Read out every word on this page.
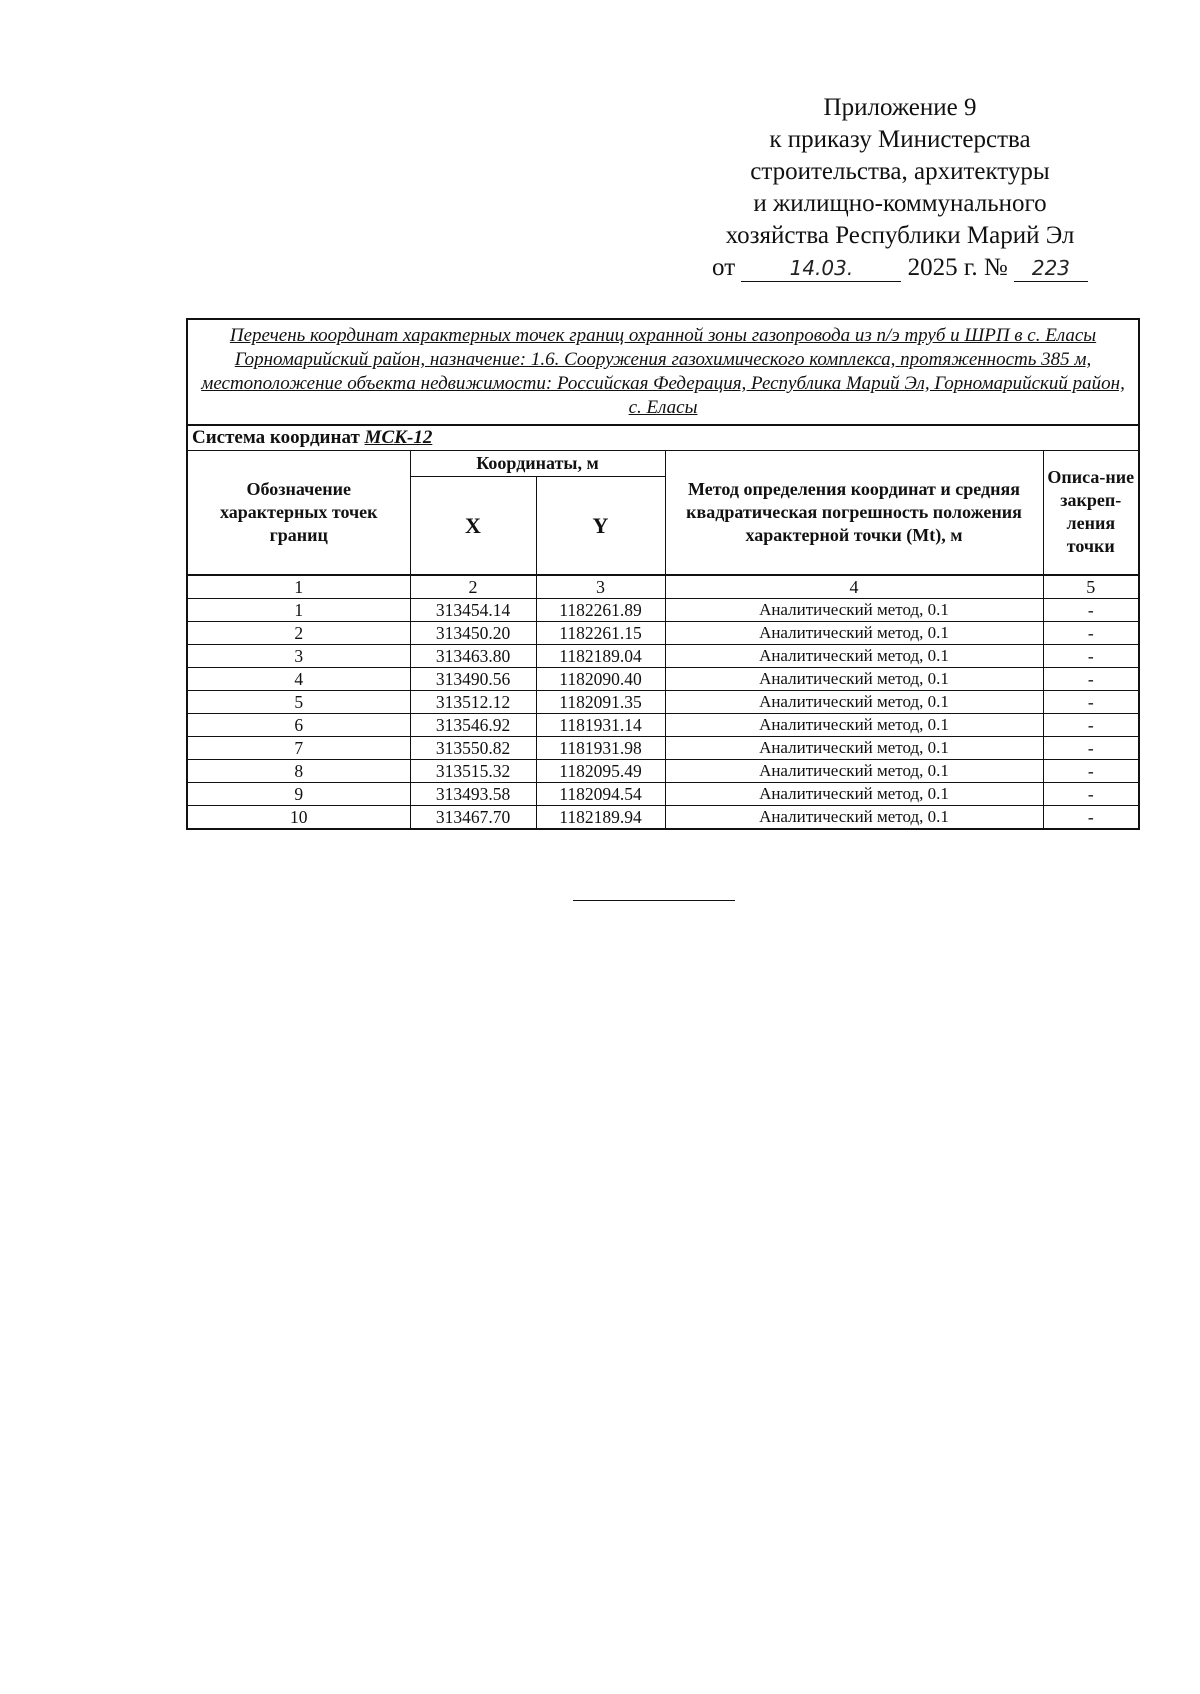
Приложение 9
к приказу Министерства
строительства, архитектуры
и жилищно-коммунального
хозяйства Республики Марий Эл
от	14.03. 2025 г. № 223
Перечень координат характерных точек границ охранной зоны газопровода из п/э труб и ШРП в с. Еласы Горномарийский район, назначение: 1.6. Сооружения газохимического комплекса, протяженность 385 м, местоположение объекта недвижимости: Российская Федерация, Республика Марий Эл, Горномарийский район, с. Еласы				
Система координат МСК-12				
Обозначение характерных точек границ	Координаты, м		Метод определения координат и средняя квадратическая погрешность положения характерной точки (Mt), м	Описа-ние закреп-ления точки
	X	Y		
1	2	3	4	5
1	313454.14	1182261.89	Аналитический метод, 0.1	-
2	313450.20	1182261.15	Аналитический метод, 0.1	-
3	313463.80	1182189.04	Аналитический метод, 0.1	-
4	313490.56	1182090.40	Аналитический метод, 0.1	-
5	313512.12	1182091.35	Аналитический метод, 0.1	-
6	313546.92	1181931.14	Аналитический метод, 0.1	-
7	313550.82	1181931.98	Аналитический метод, 0.1	-
8	313515.32	1182095.49	Аналитический метод, 0.1	-
9	313493.58	1182094.54	Аналитический метод, 0.1	-
10	313467.70	1182189.94	Аналитический метод, 0.1	-
